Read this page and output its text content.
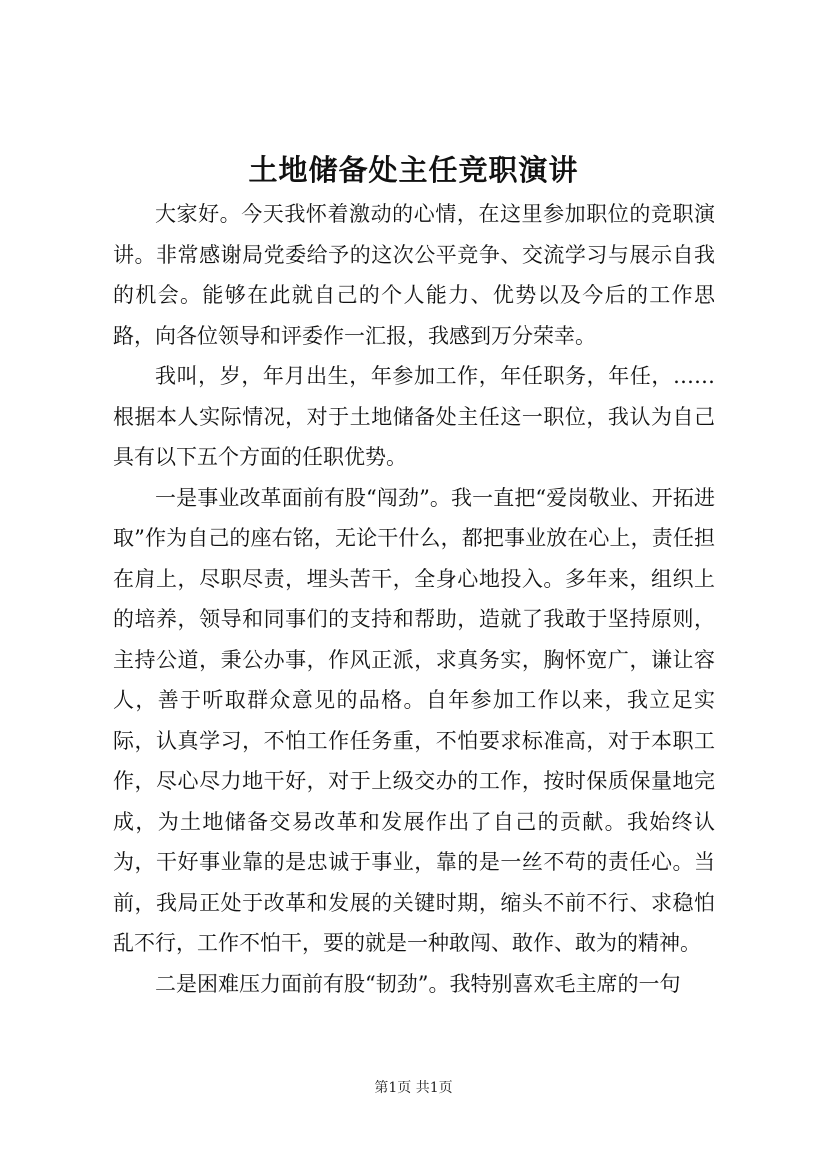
土地储备处主任竞职演讲

大家好。今天我怀着激动的心情，在这里参加职位的竞职演讲。非常感谢局党委给予的这次公平竞争、交流学习与展示自我的机会。能够在此就自己的个人能力、优势以及今后的工作思路，向各位领导和评委作一汇报，我感到万分荣幸。

我叫，岁，年月出生，年参加工作，年任职务，年任，……根据本人实际情况，对于土地储备处主任这一职位，我认为自己具有以下五个方面的任职优势。

一是事业改革面前有股“闯劲”。我一直把“爱岗敬业、开拓进取”作为自己的座右铭，无论干什么，都把事业放在心上，责任担在肩上，尽职尽责，埋头苦干，全身心地投入。多年来，组织上的培养，领导和同事们的支持和帮助，造就了我敢于坚持原则，主持公道，秉公办事，作风正派，求真务实，胸怀宽广，谦让容人，善于听取群众意见的品格。自年参加工作以来，我立足实际，认真学习，不怕工作任务重，不怕要求标准高，对于本职工作，尽心尽力地干好，对于上级交办的工作，按时保质保量地完成，为土地储备交易改革和发展作出了自己的贡献。我始终认为，干好事业靠的是忠诚于事业，靠的是一丝不苟的责任心。当前，我局正处于改革和发展的关键时期，缩头不前不行、求稳怕乱不行，工作不怕干，要的就是一种敢闯、敢作、敢为的精神。

二是困难压力面前有股“韧劲”。我特别喜欢毛主席的一句

第1页 共1页
